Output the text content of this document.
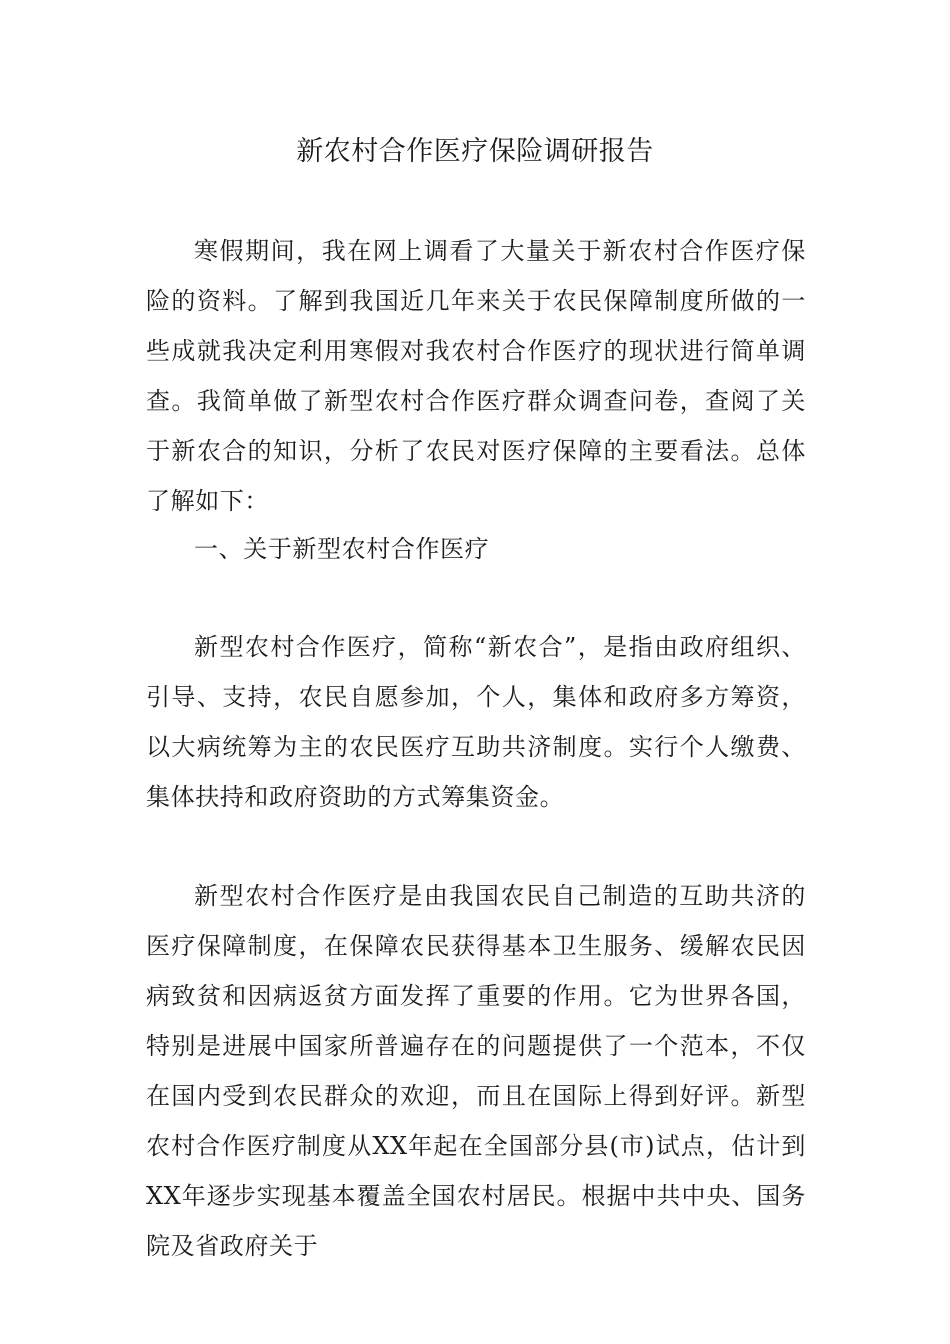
新农村合作医疗保险调研报告

寒假期间，我在网上调看了大量关于新农村合作医疗保险的资料。了解到我国近几年来关于农民保障制度所做的一些成就我决定利用寒假对我农村合作医疗的现状进行简单调查。我简单做了新型农村合作医疗群众调查问卷，查阅了关于新农合的知识，分析了农民对医疗保障的主要看法。总体了解如下：

一、关于新型农村合作医疗

新型农村合作医疗，简称“新农合”，是指由政府组织、引导、支持，农民自愿参加，个人，集体和政府多方筹资，以大病统筹为主的农民医疗互助共济制度。实行个人缴费、集体扶持和政府资助的方式筹集资金。

新型农村合作医疗是由我国农民自己制造的互助共济的医疗保障制度，在保障农民获得基本卫生服务、缓解农民因病致贫和因病返贫方面发挥了重要的作用。它为世界各国，特别是进展中国家所普遍存在的问题提供了一个范本，不仅在国内受到农民群众的欢迎，而且在国际上得到好评。新型农村合作医疗制度从XX年起在全国部分县(市)试点，估计到XX年逐步实现基本覆盖全国农村居民。根据中共中央、国务院及省政府关于
